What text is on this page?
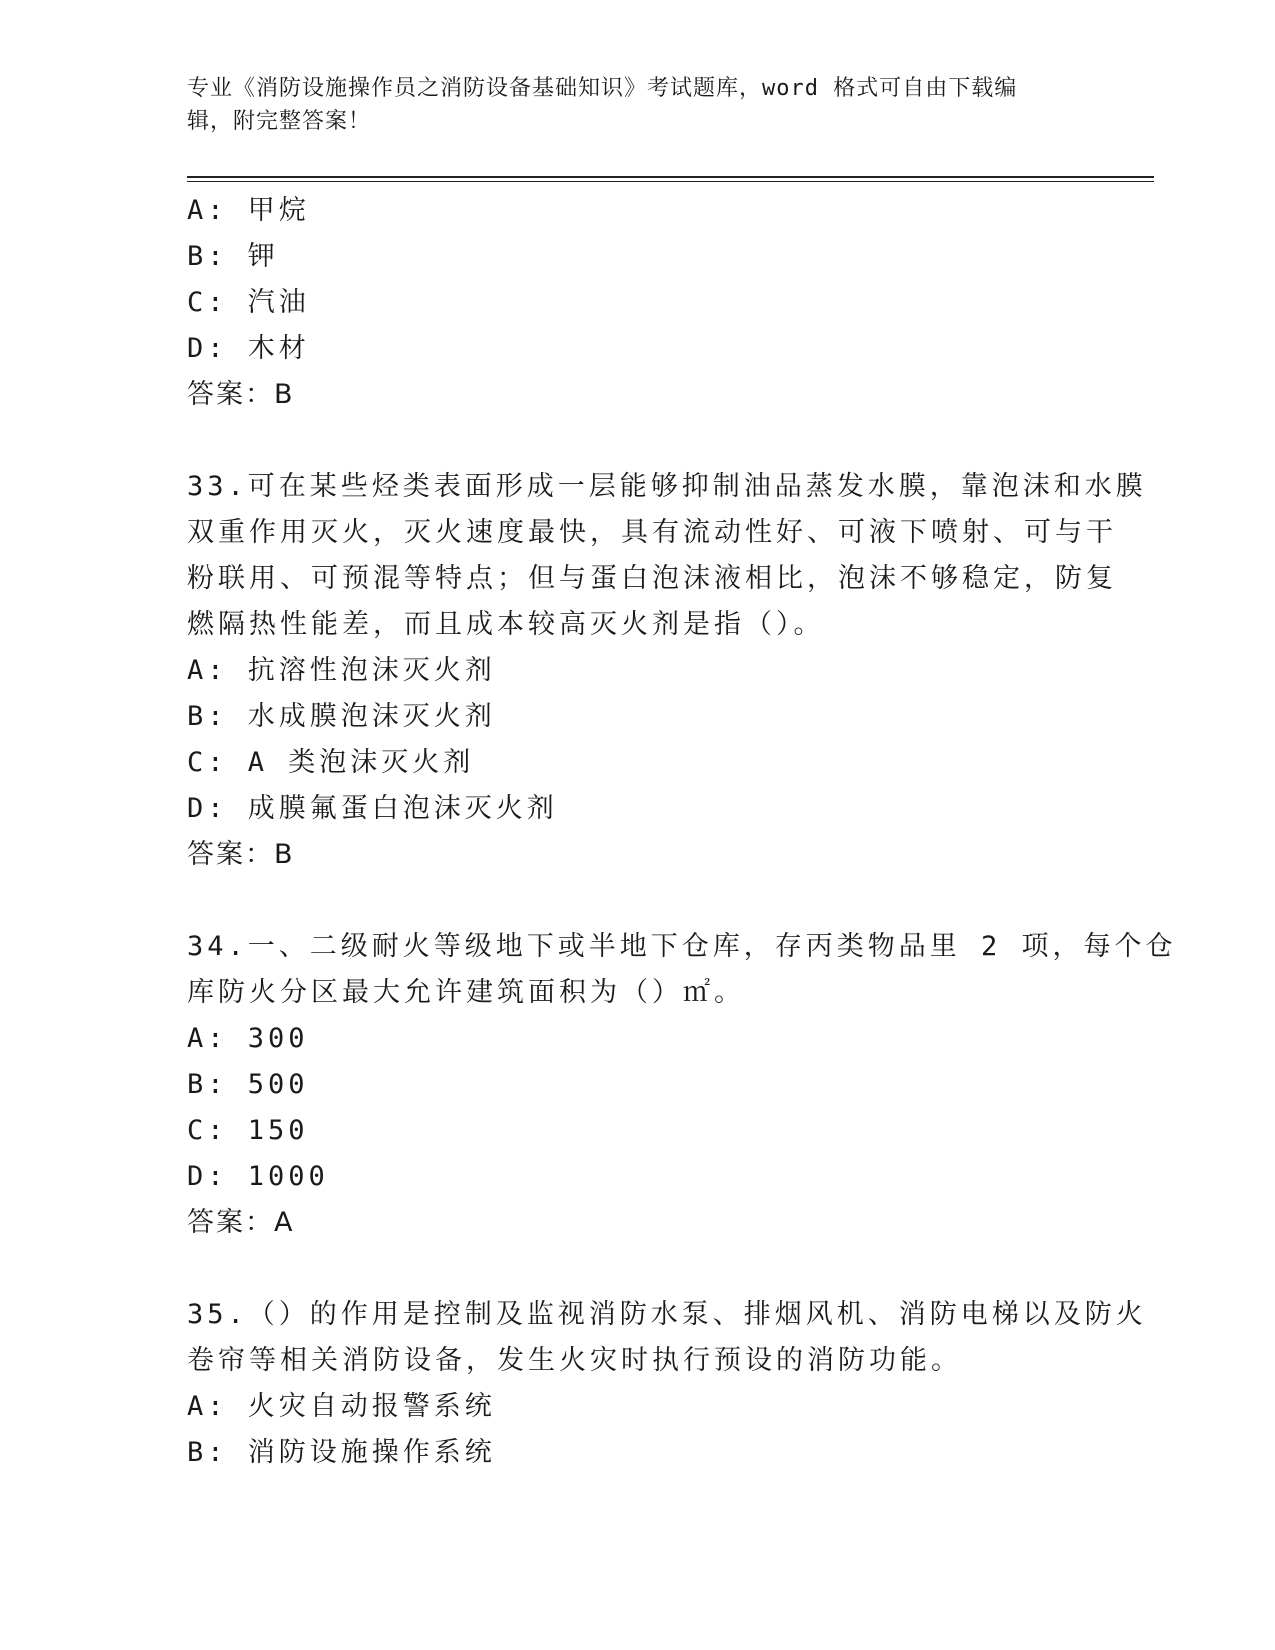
专业《消防设施操作员之消防设备基础知识》考试题库，word 格式可自由下载编
辑，附完整答案！
A: 甲烷
B: 钾
C: 汽油
D: 木材
答案：B
33.可在某些烃类表面形成一层能够抑制油品蒸发水膜，靠泡沫和水膜
双重作用灭火，灭火速度最快，具有流动性好、可液下喷射、可与干
粉联用、可预混等特点；但与蛋白泡沫液相比，泡沫不够稳定，防复
燃隔热性能差，而且成本较高灭火剂是指（）。
A: 抗溶性泡沫灭火剂
B: 水成膜泡沫灭火剂
C: A 类泡沫灭火剂
D: 成膜氟蛋白泡沫灭火剂
答案：B
34.一、二级耐火等级地下或半地下仓库，存丙类物品里 2 项，每个仓
库防火分区最大允许建筑面积为（）㎡。
A: 300
B: 500
C: 150
D: 1000
答案：A
35.（）的作用是控制及监视消防水泵、排烟风机、消防电梯以及防火
卷帘等相关消防设备，发生火灾时执行预设的消防功能。
A: 火灾自动报警系统
B: 消防设施操作系统
